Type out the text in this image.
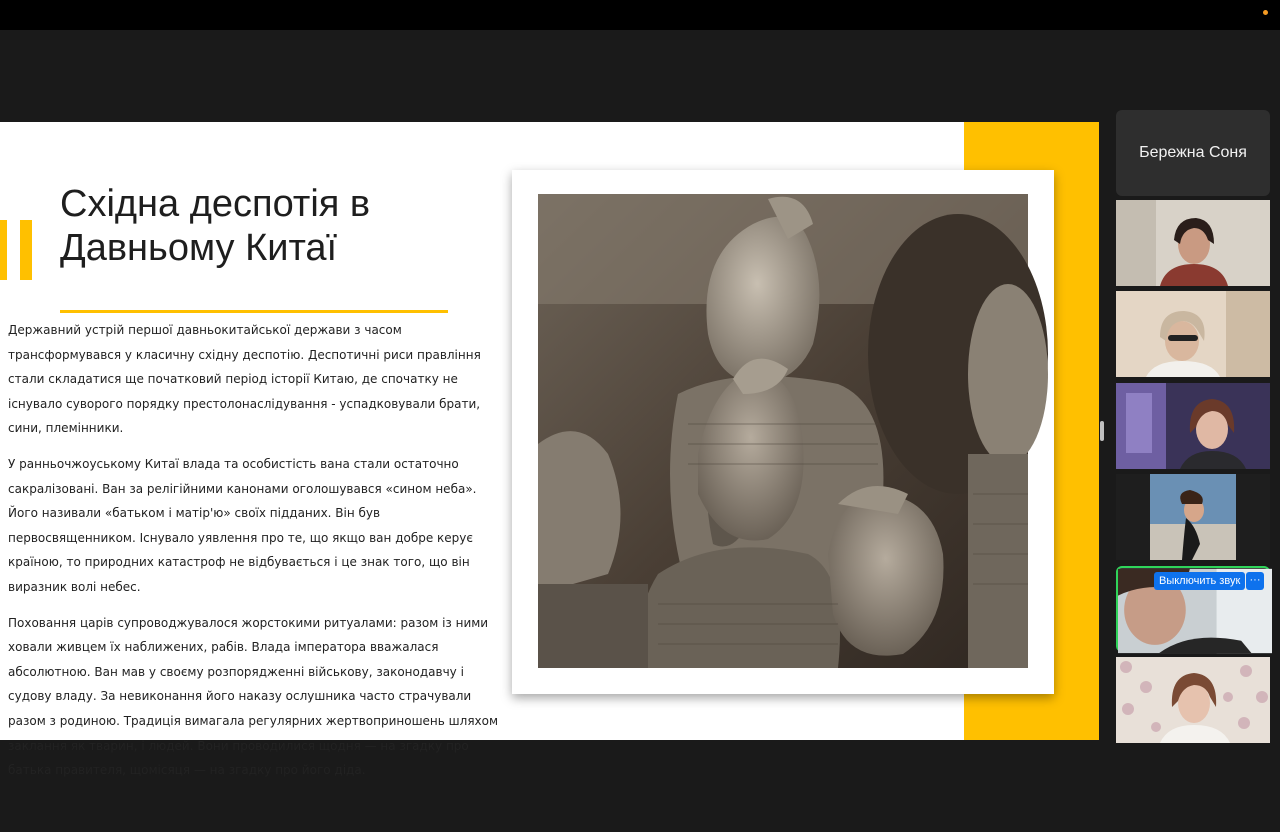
Східна деспотія в
Давньому Китаї

Державний устрій першої давньокитайської держави з часом трансформувався у класичну східну деспотію. Деспотичні риси правління стали складатися ще початковий період історії Китаю, де спочатку не існувало суворого порядку престолонаслідування - успадковували брати, сини, племінники.

У ранньочжоуському Китаї влада та особистість вана стали остаточно сакралізовані. Ван за релігійними канонами оголошувався «сином неба». Його називали «батьком і матір'ю» своїх підданих. Він був первосвященником. Існувало уявлення про те, що якщо ван добре керує країною, то природних катастроф не відбувається і це знак того, що він виразник волі небес.

Поховання царів супроводжувалося жорстокими ритуалами: разом із ними ховали живцем їх наближених, рабів. Влада імператора вважалася абсолютною. Ван мав у своєму розпорядженні військову, законодавчу і судову владу. За невиконання його наказу ослушника часто страчували разом з родиною. Традиція вимагала регулярних жертвоприношень шляхом заклання як тварин, і людей. Вони проводилися щодня — на згадку про батька правителя, щомісяця — на згадку про його діда.

Бережна Соня
Выключить звук ···
